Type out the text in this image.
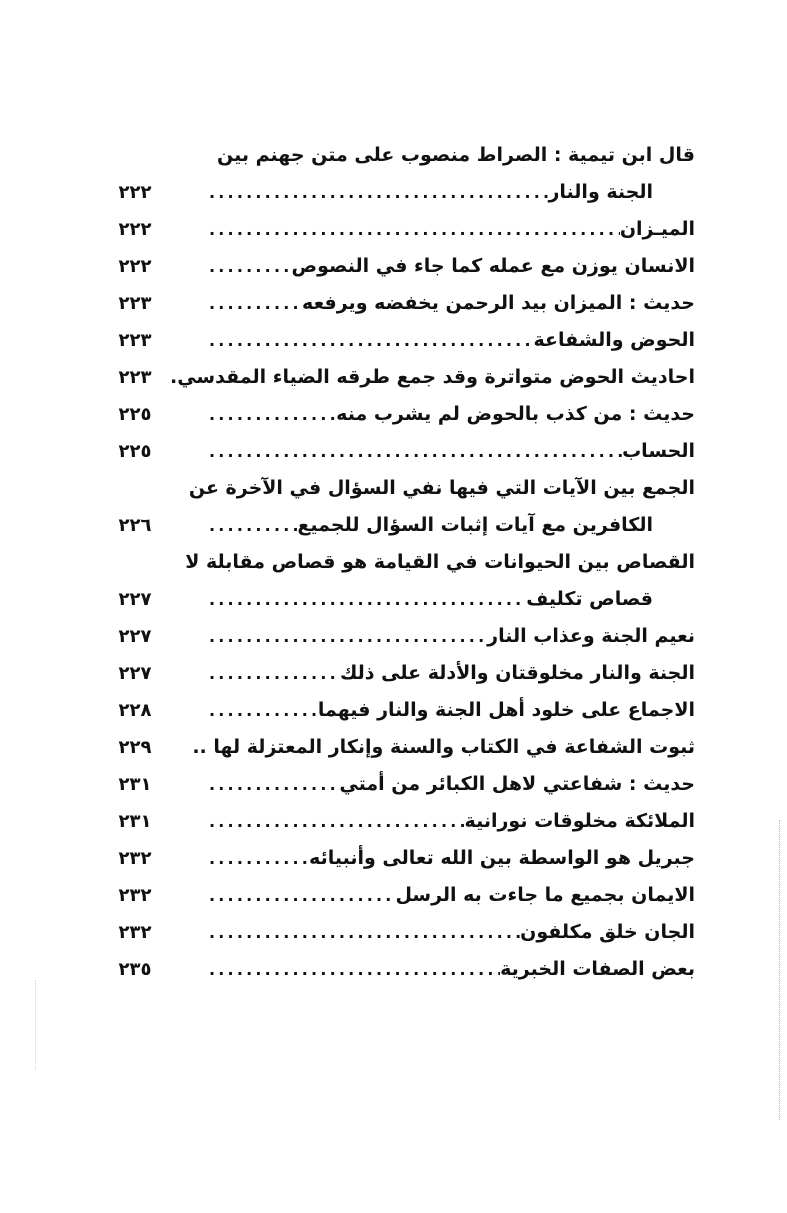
قال ابن تيمية : الصراط منصوب على متن جهنم بين
الجنة والنار
.....
٢٢٢
الميـزان
.....
٢٢٢
الانسان يوزن مع عمله كما جاء في النصوص
.....
٢٢٢
حديث : الميزان بيد الرحمن يخفضه ويرفعه
.....
٢٢٣
الحوض والشفاعة
.....
٢٢٣
احاديث الحوض متواترة وقد جمع طرقه الضياء المقدسي.
٢٢٣
حديث : من كذب بالحوض لم يشرب منه
.....
٢٢٥
الحساب
.....
٢٢٥
الجمع بين الآيات التي فيها نفي السؤال في الآخرة عن
الكافرين مع آيات إثبات السؤال للجميع
.....
٢٢٦
القصاص بين الحيوانات في القيامة هو قصاص مقابلة لا
قصاص تكليف
.....
٢٢٧
نعيم الجنة وعذاب النار
.....
٢٢٧
الجنة والنار مخلوقتان والأدلة على ذلك
.....
٢٢٧
الاجماع على خلود أهل الجنة والنار فيهما
.....
٢٢٨
ثبوت الشفاعة في الكتاب والسنة وإنكار المعتزلة لها ..
٢٢٩
حديث : شفاعتي لاهل الكبائر من أمتي
.....
٢٣١
الملائكة مخلوقات نورانية
.....
٢٣١
جبريل هو الواسطة بين الله تعالى وأنبيائه
.....
٢٣٢
الايمان بجميع ما جاءت به الرسل
.....
٢٣٢
الجان خلق مكلفون
.....
٢٣٢
بعض الصفات الخبرية
.....
٢٣٥
